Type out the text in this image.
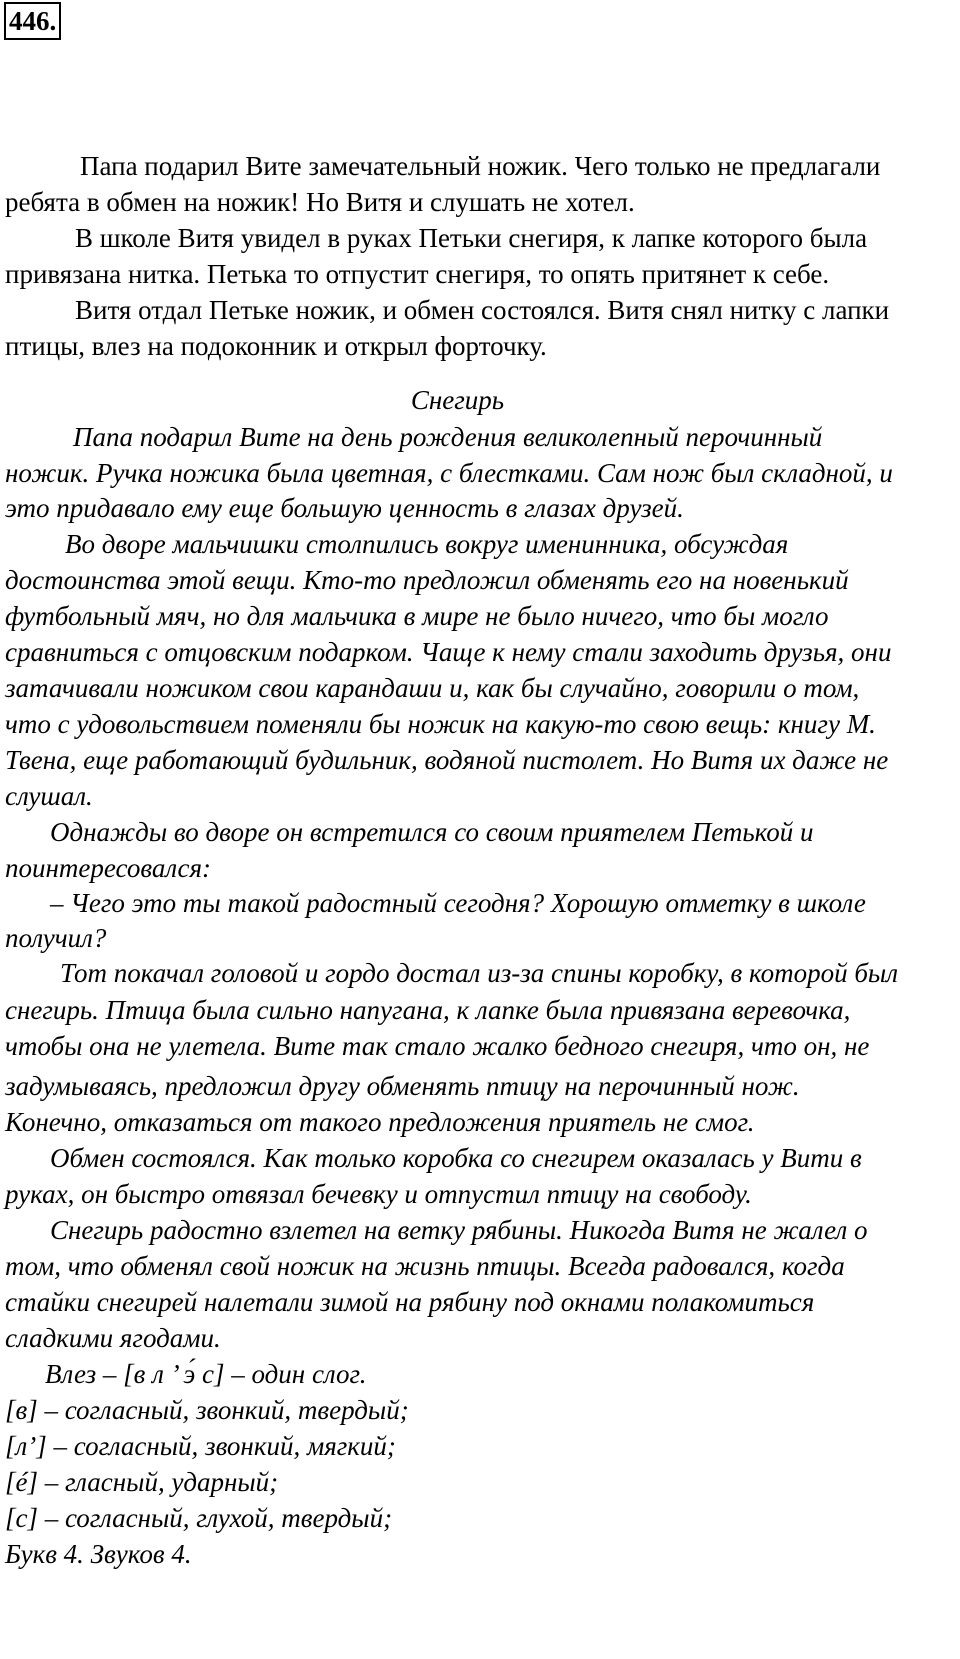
446.

Папа подарил Вите замечательный ножик. Чего только не предлагали

ребята в обмен на ножик! Но Витя и слушать не хотел.

В школе Витя увидел в руках Петьки снегиря, к лапке которого была

привязана нитка. Петька то отпустит снегиря, то опять притянет к себе.

Витя отдал Петьке ножик, и обмен состоялся. Витя снял нитку с лапки

птицы, влез на подоконник и открыл форточку.

Снегирь

Папа подарил Вите на день рождения великолепный перочинный

ножик. Ручка ножика была цветная, с блестками. Сам нож был складной, и

это придавало ему еще большую ценность в глазах друзей.

Во дворе мальчишки столпились вокруг именинника, обсуждая

достоинства этой вещи. Кто-то предложил обменять его на новенький

футбольный мяч, но для мальчика в мире не было ничего, что бы могло

сравниться с отцовским подарком. Чаще к нему стали заходить друзья, они

затачивали ножиком свои карандаши и, как бы случайно, говорили о том,

что с удовольствием поменяли бы ножик на какую-то свою вещь: книгу М.

Твена, еще работающий будильник, водяной пистолет. Но Витя их даже не

слушал.

Однажды во дворе он встретился со своим приятелем Петькой и

поинтересовался:

– Чего это ты такой радостный сегодня? Хорошую отметку в школе

получил?

Тот покачал головой и гордо достал из-за спины коробку, в которой был

снегирь. Птица была сильно напугана, к лапке была привязана веревочка,

чтобы она не улетела. Вите так стало жалко бедного снегиря, что он, не

задумываясь, предложил другу обменять птицу на перочинный нож.

Конечно, отказаться от такого предложения приятель не смог.

Обмен состоялся. Как только коробка со снегирем оказалась у Вити в

руках, он быстро отвязал бечевку и отпустил птицу на свободу.

Снегирь радостно взлетел на ветку рябины. Никогда Витя не жалел о

том, что обменял свой ножик на жизнь птицы. Всегда радовался, когда

стайки снегирей налетали зимой на рябину под окнами полакомиться

сладкими ягодами.

Влез – [в л ’ э́ с] – один слог.

[в] – согласный, звонкий, твердый;

[л’] – согласный, звонкий, мягкий;

[é] – гласный, ударный;

[с] – согласный, глухой, твердый;

Букв 4. Звуков 4.
